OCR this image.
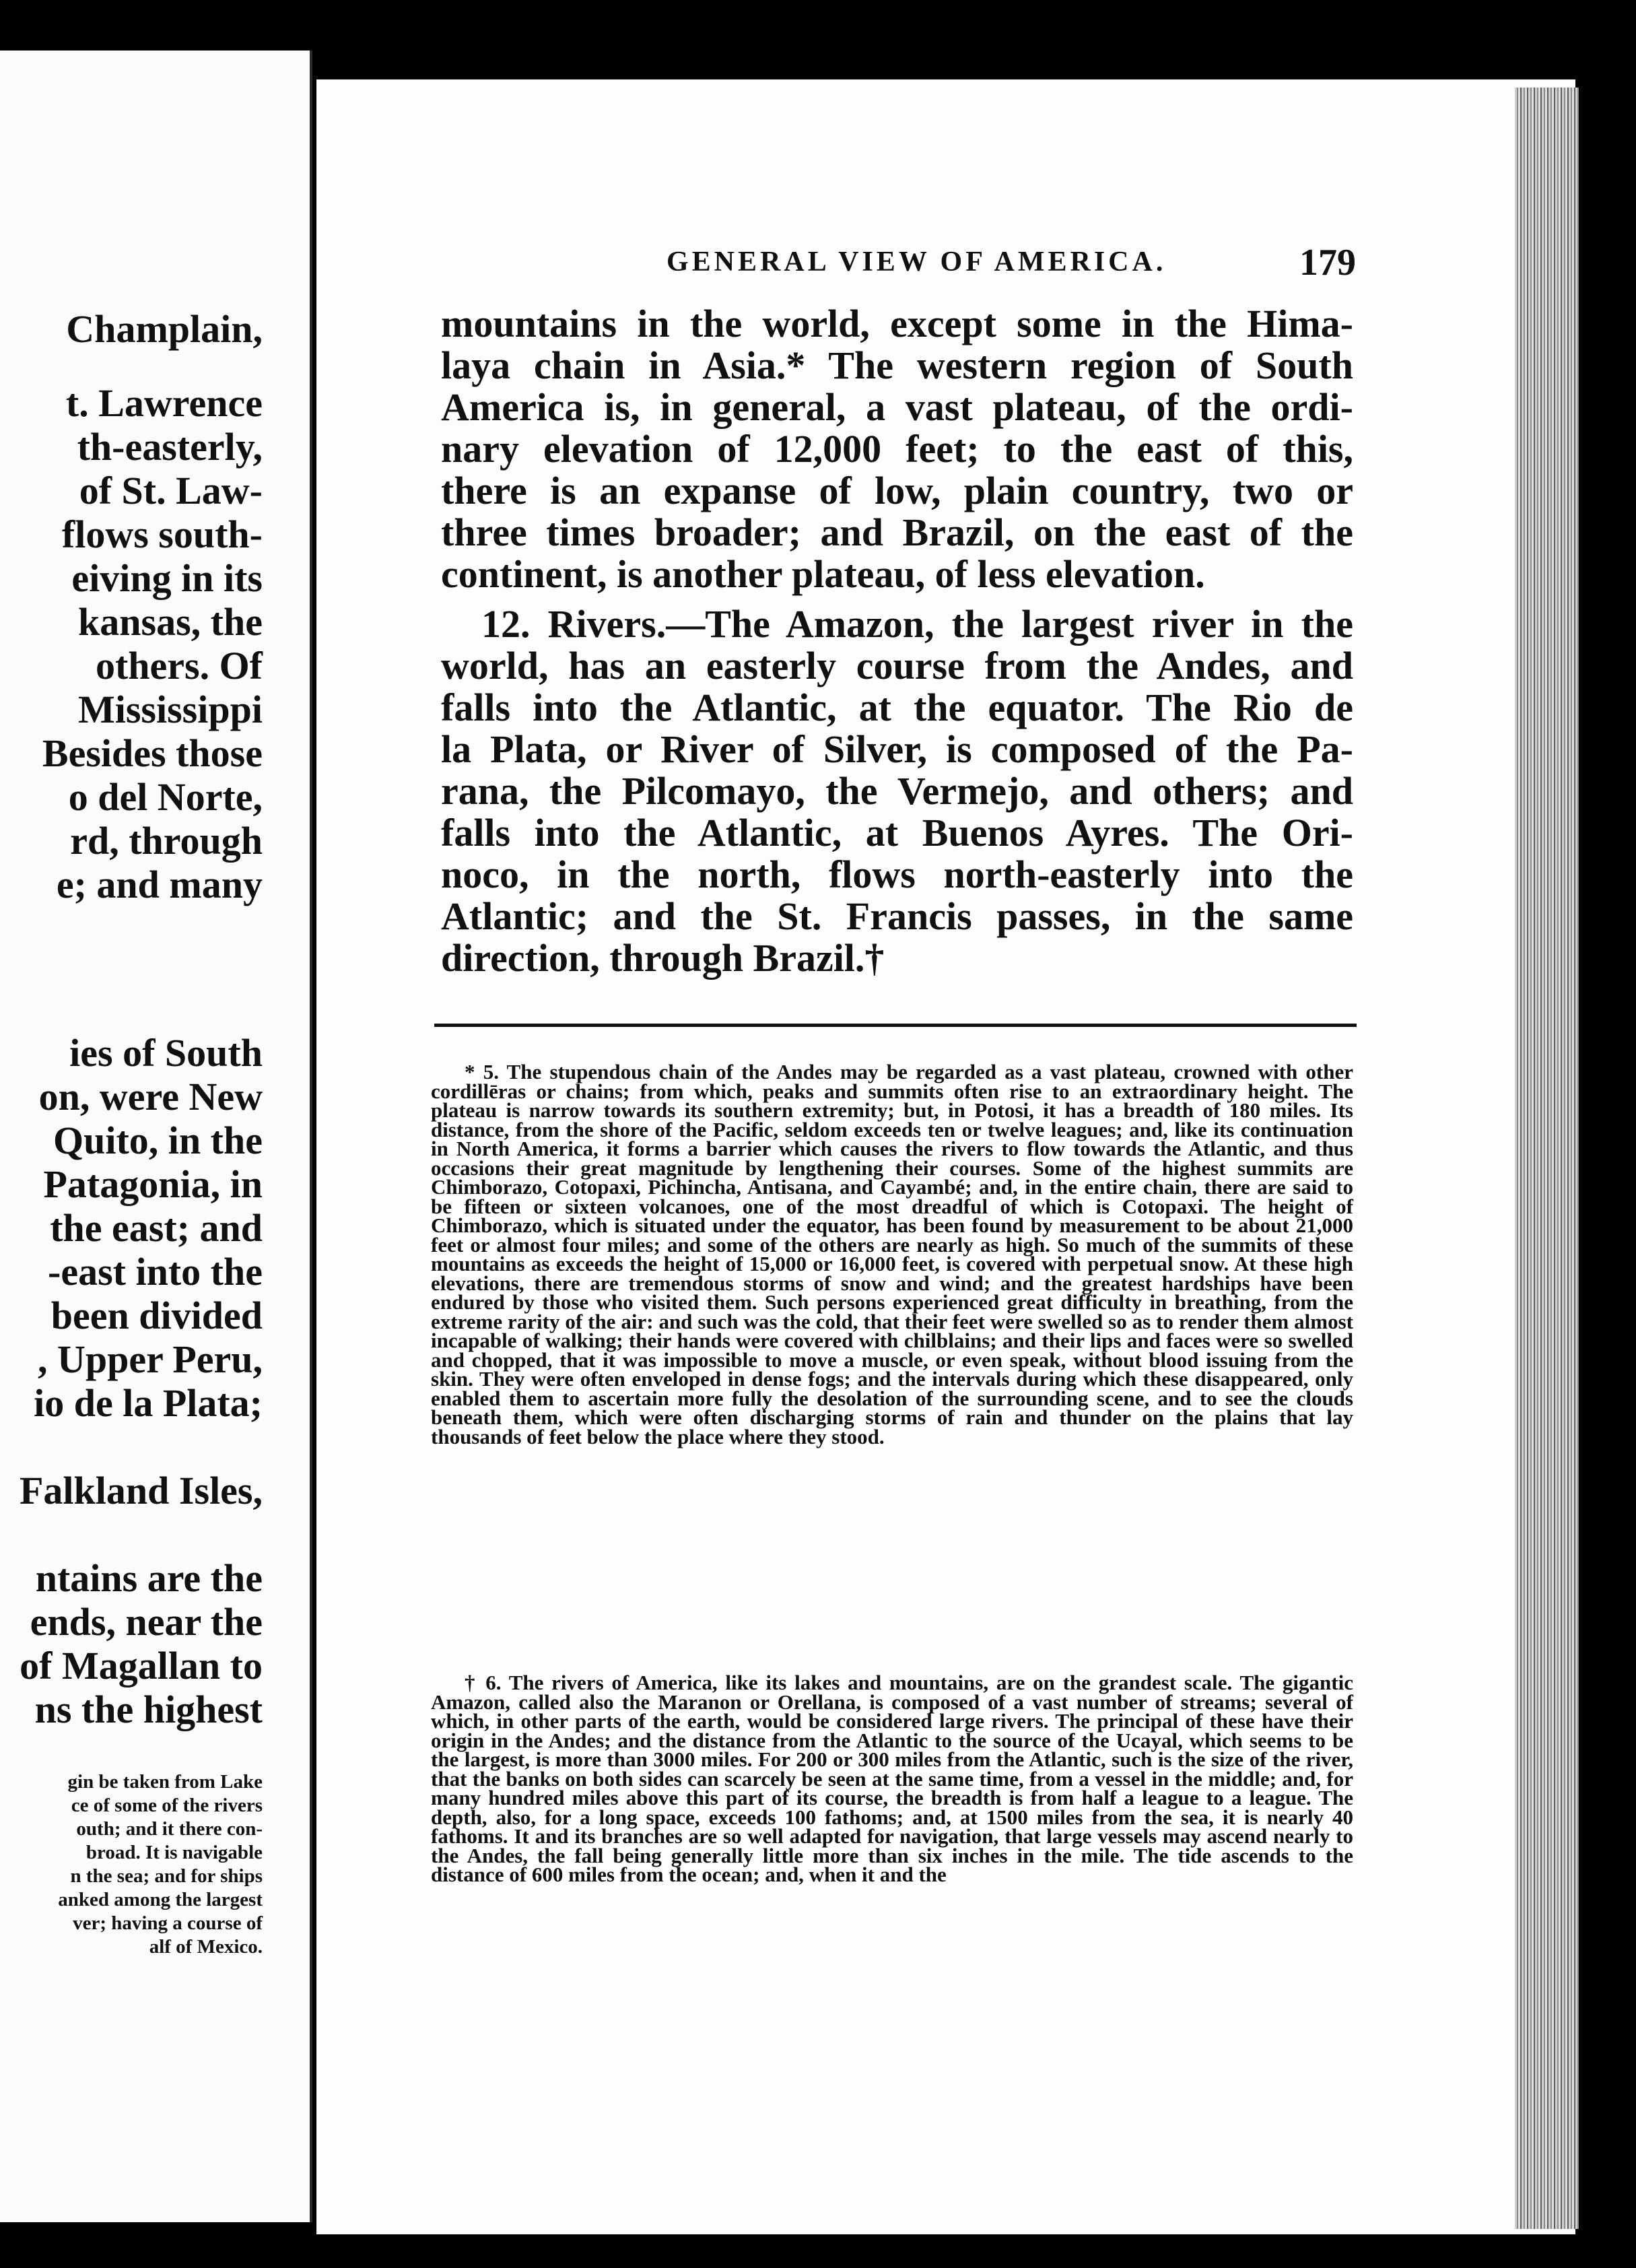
Champlain,
t. Lawrence
th-easterly,
of St. Law-
flows south-
eiving in its
kansas, the
others. Of
Mississippi
Besides those
o del Norte,
rd, through
e; and many
ies of South
on, were New
Quito, in the
Patagonia, in
the east; and
-east into the
been divided
, Upper Peru,
io de la Plata;
Falkland Isles,
ntains are the
ends, near the
of Magallan to
ns the highest
gin be taken from Lake
ce of some of the rivers
outh; and it there con-
broad. It is navigable
n the sea; and for ships
anked among the largest
ver; having a course of
alf of Mexico.
GENERAL VIEW OF AMERICA.	179
mountains in the world, except some in the Hima-
laya chain in Asia.* The western region of South
America is, in general, a vast plateau, of the ordi-
nary elevation of 12,000 feet; to the east of this,
there is an expanse of low, plain country, two or
three times broader; and Brazil, on the east of the
continent, is another plateau, of less elevation.
12. Rivers.—The Amazon, the largest river in the
world, has an easterly course from the Andes, and
falls into the Atlantic, at the equator. The Rio de
la Plata, or River of Silver, is composed of the Pa-
rana, the Pilcomayo, the Vermejo, and others; and
falls into the Atlantic, at Buenos Ayres. The Ori-
noco, in the north, flows north-easterly into the
Atlantic; and the St. Francis passes, in the same
direction, through Brazil.†
* 5. The stupendous chain of the Andes may be regarded as a vast plateau, crowned with other cordillēras or chains; from which, peaks and summits often rise to an extraordinary height. The plateau is narrow towards its southern extremity; but, in Potosi, it has a breadth of 180 miles. Its distance, from the shore of the Pacific, seldom exceeds ten or twelve leagues; and, like its continuation in North America, it forms a barrier which causes the rivers to flow towards the Atlantic, and thus occasions their great magnitude by lengthening their courses. Some of the highest summits are Chimborazo, Cotopaxi, Pichincha, Antisana, and Cayambé; and, in the entire chain, there are said to be fifteen or sixteen volcanoes, one of the most dreadful of which is Cotopaxi. The height of Chimborazo, which is situated under the equator, has been found by measurement to be about 21,000 feet or almost four miles; and some of the others are nearly as high. So much of the summits of these mountains as exceeds the height of 15,000 or 16,000 feet, is covered with perpetual snow. At these high elevations, there are tremendous storms of snow and wind; and the greatest hardships have been endured by those who visited them. Such persons experienced great difficulty in breathing, from the extreme rarity of the air: and such was the cold, that their feet were swelled so as to render them almost incapable of walking; their hands were covered with chilblains; and their lips and faces were so swelled and chopped, that it was impossible to move a muscle, or even speak, without blood issuing from the skin. They were often enveloped in dense fogs; and the intervals during which these disappeared, only enabled them to ascertain more fully the desolation of the surrounding scene, and to see the clouds beneath them, which were often discharging storms of rain and thunder on the plains that lay thousands of feet below the place where they stood.
† 6. The rivers of America, like its lakes and mountains, are on the grandest scale. The gigantic Amazon, called also the Maranon or Orellana, is composed of a vast number of streams; several of which, in other parts of the earth, would be considered large rivers. The principal of these have their origin in the Andes; and the distance from the Atlantic to the source of the Ucayal, which seems to be the largest, is more than 3000 miles. For 200 or 300 miles from the Atlantic, such is the size of the river, that the banks on both sides can scarcely be seen at the same time, from a vessel in the middle; and, for many hundred miles above this part of its course, the breadth is from half a league to a league. The depth, also, for a long space, exceeds 100 fathoms; and, at 1500 miles from the sea, it is nearly 40 fathoms. It and its branches are so well adapted for navigation, that large vessels may ascend nearly to the Andes, the fall being generally little more than six inches in the mile. The tide ascends to the distance of 600 miles from the ocean; and, when it and the
